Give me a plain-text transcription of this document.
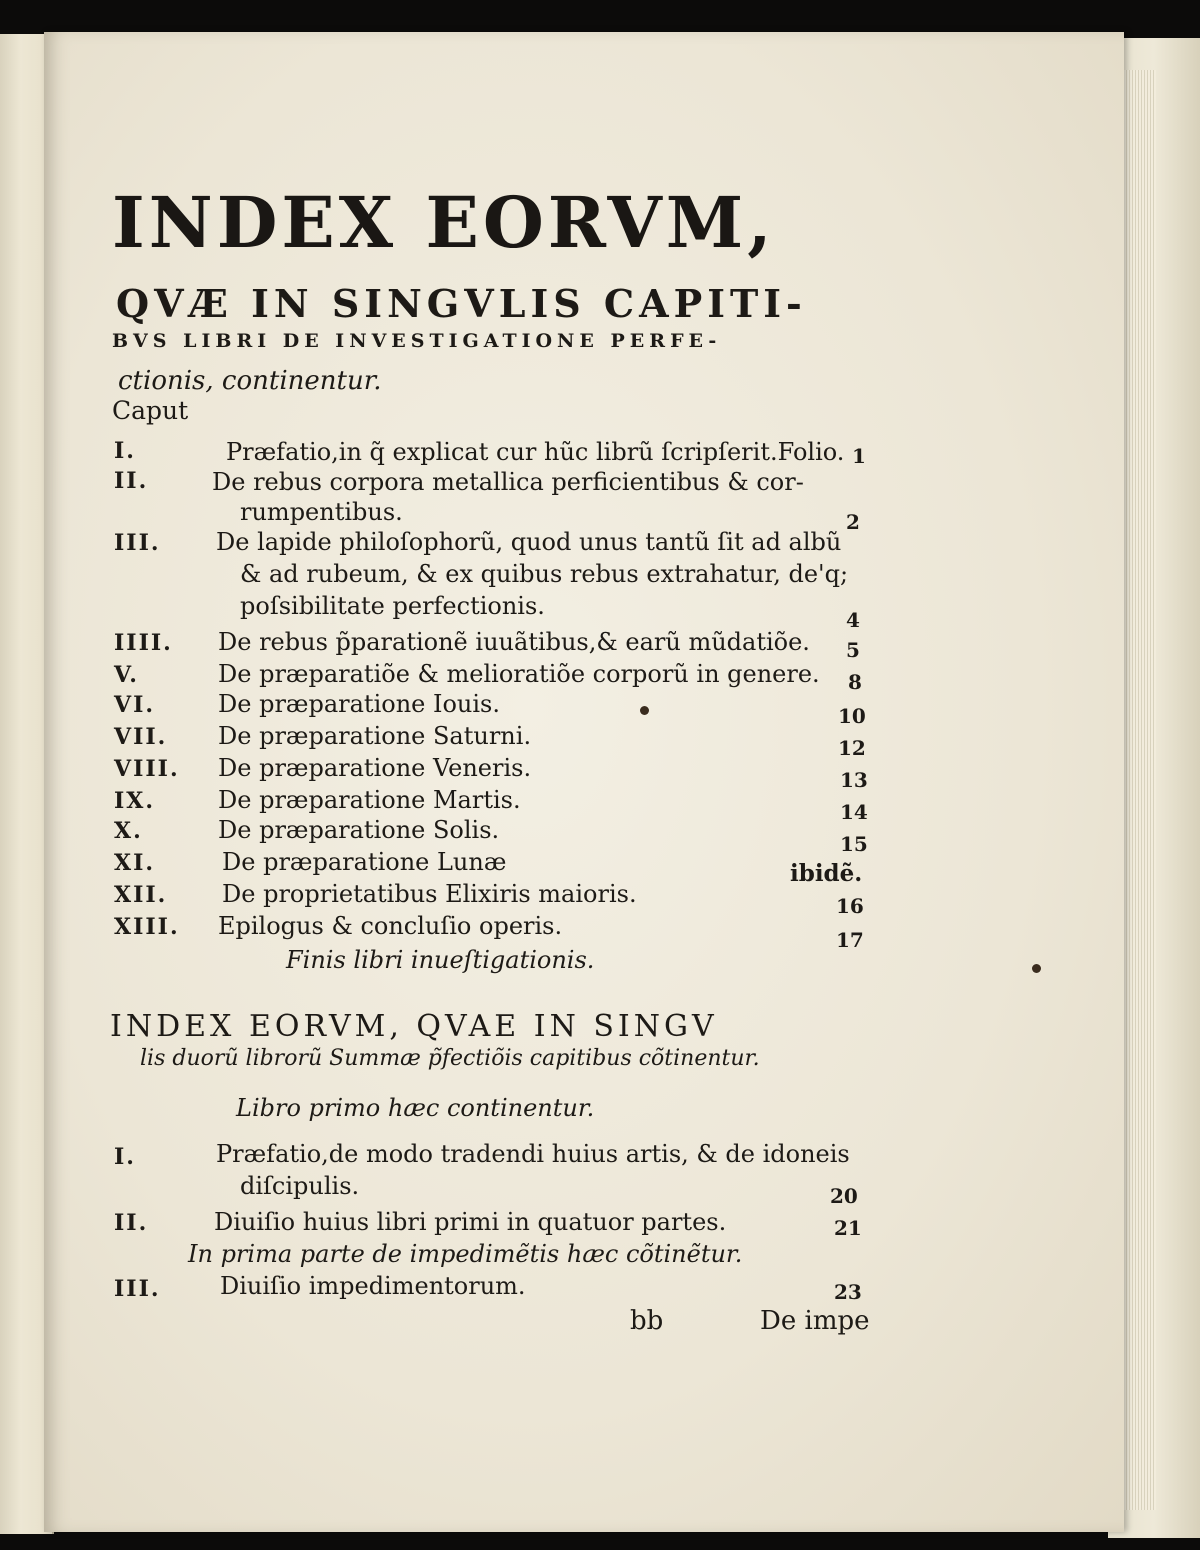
INDEX EORVM,
QVÆ IN SINGVLIS CAPITI-
BVS LIBRI DE INVESTIGATIONE PERFE-
ctionis, continentur.
Caput
I.	Præfatio,in q̃ explicat cur hũc librũ ſcripſerit.Folio. 1
II.	De rebus corpora metallica perficientibus & cor-
rumpentibus.	2
III. De lapide philoſophorũ, quod unus tantũ ſit ad albũ
& ad rubeum, & ex quibus rebus extrahatur, de'q;
poſsibilitate perfectionis.	4
IIII. De rebus p̃parationẽ iuuãtibus,& earũ mũdatiõe. 5
V.	De præparatiõe & melioratiõe corporũ in genere. 8
VI.	De præparatione Iouis.	10
VII. De præparatione Saturni.	12
VIII. De præparatione Veneris.	13
IX.	De præparatione Martis.	14
X.	De præparatione Solis.	15
XI.	De præparatione Lunæ	ibidẽ.
XII. De proprietatibus Elixiris maioris.	16
XIII. Epilogus & concluſio operis.	17
Finis libri inueſtigationis.
INDEX EORVM, QVAE IN SINGV
lis duorũ librorũ Summæ p̃fectiõis capitibus cõtinentur.
Libro primo hæc continentur.
I.	Præfatio,de modo tradendi huius artis, & de idoneis
diſcipulis.	20
II.	Diuiſio huius libri primi in quatuor partes.	21
In prima parte de impedimẽtis hæc cõtinẽtur.
III. Diuiſio impedimentorum.	23
bb	De impe
